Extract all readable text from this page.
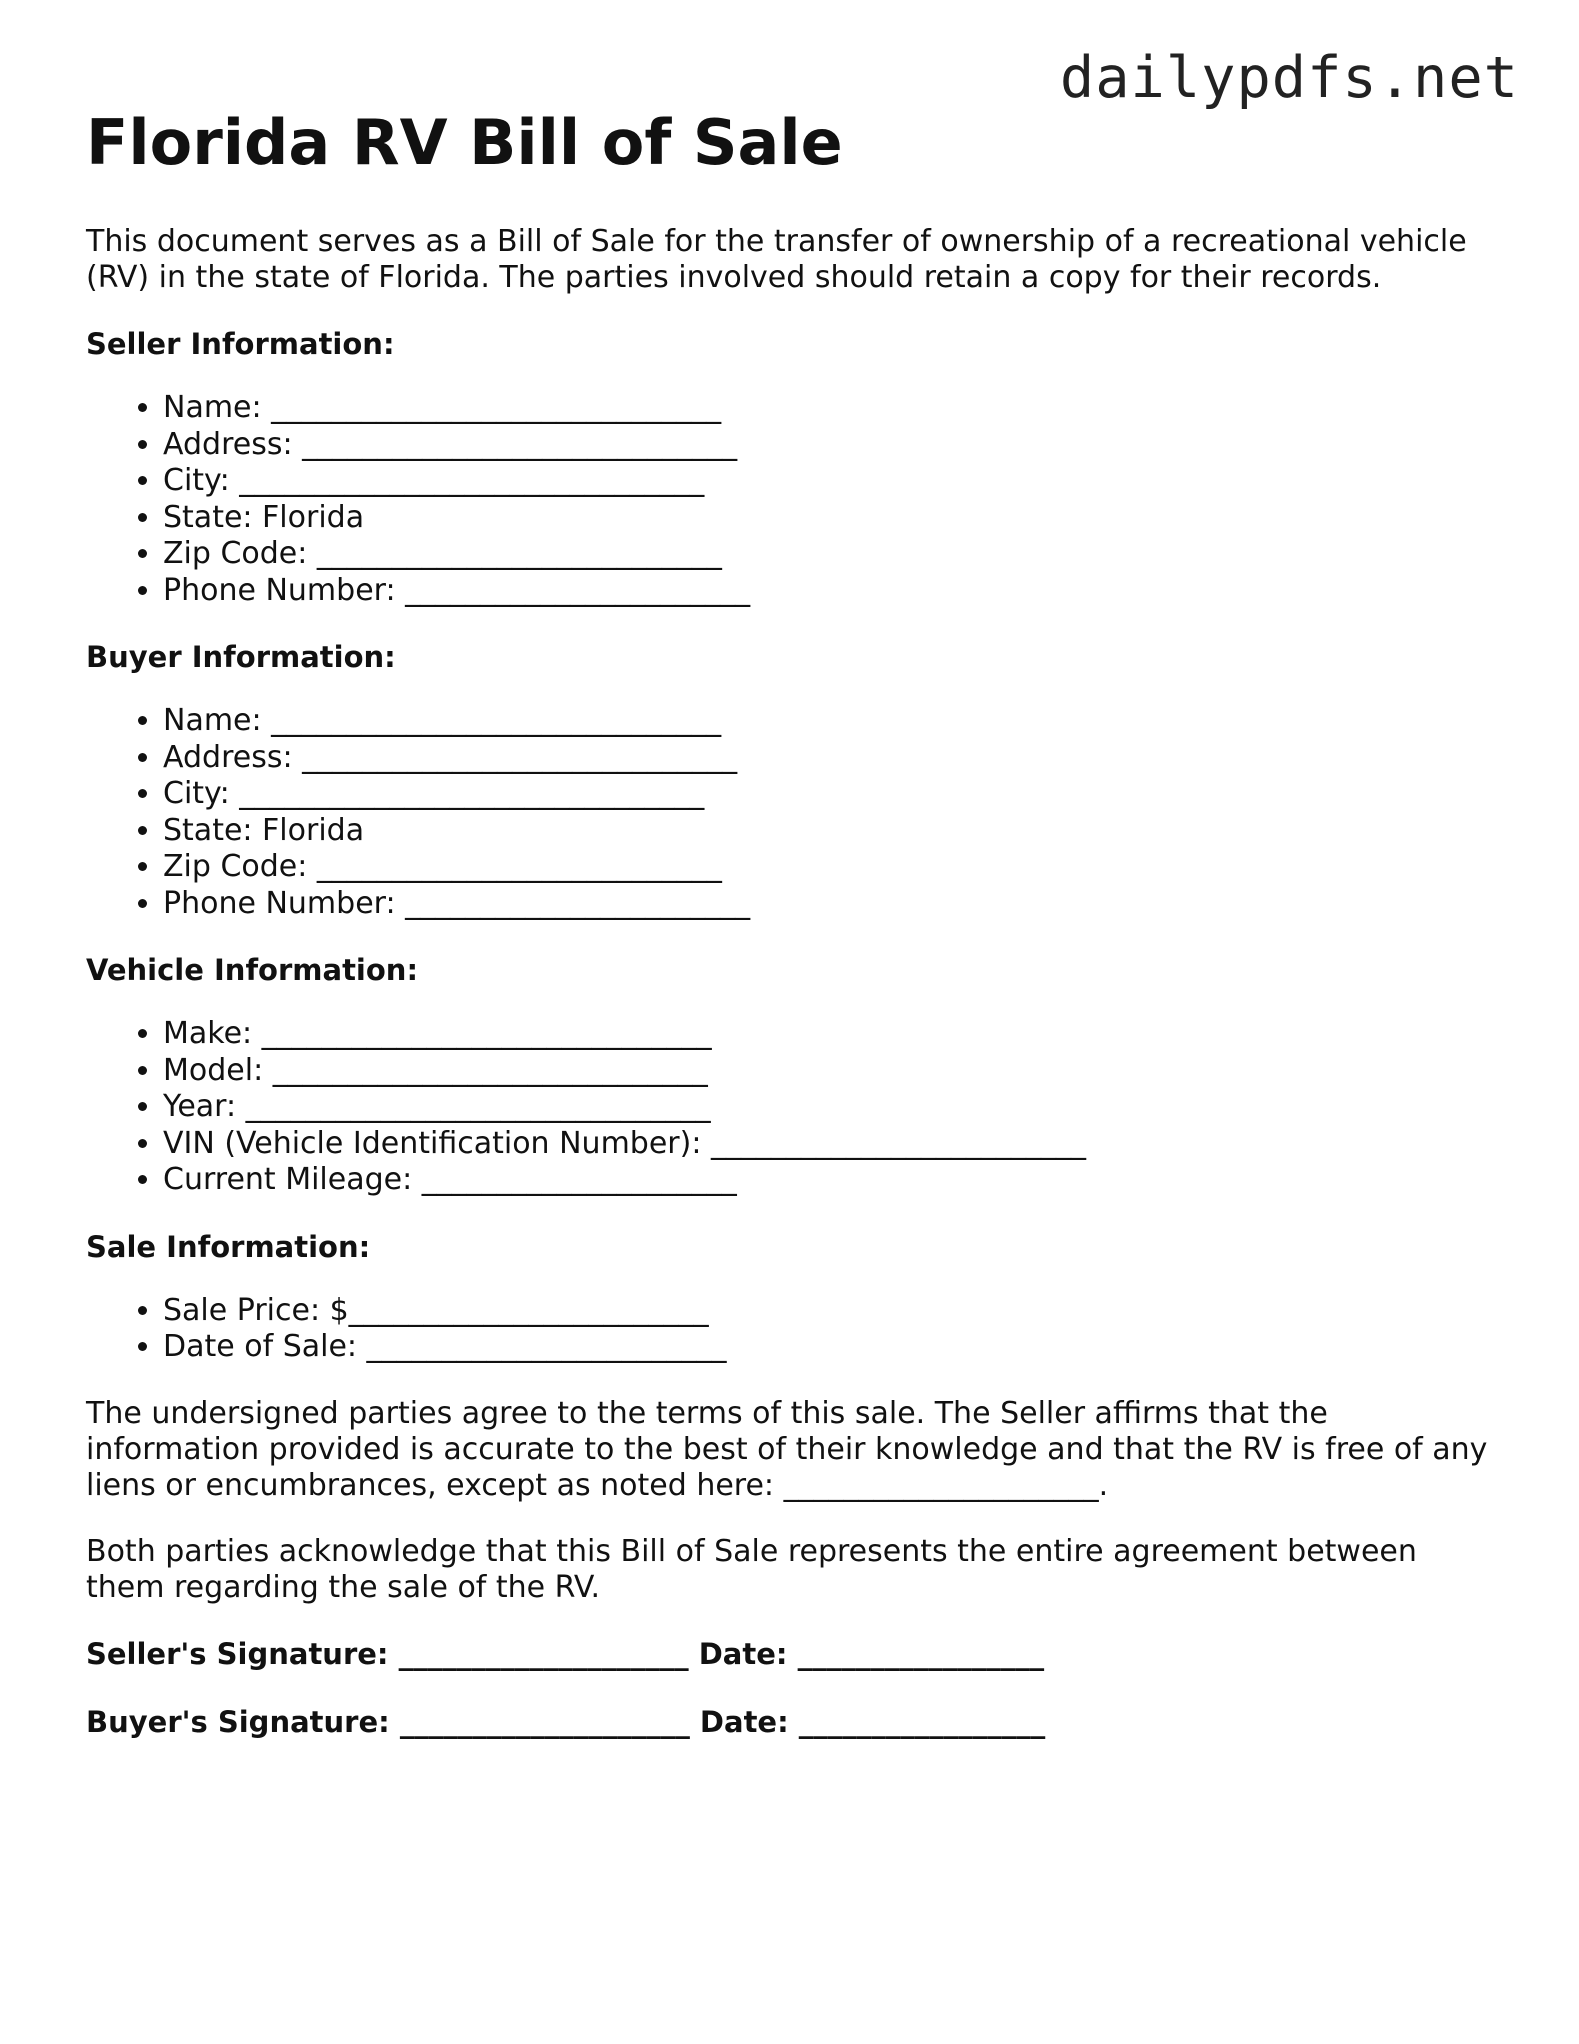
dailypdfs.net

Florida RV Bill of Sale

This document serves as a Bill of Sale for the transfer of ownership of a recreational vehicle (RV) in the state of Florida. The parties involved should retain a copy for their records.

Seller Information:
• Name: ______________________________
• Address: _____________________________
• City: _______________________________
• State: Florida
• Zip Code: ___________________________
• Phone Number: _______________________
Buyer Information:
• Name: ______________________________
• Address: _____________________________
• City: _______________________________
• State: Florida
• Zip Code: ___________________________
• Phone Number: _______________________
Vehicle Information:
• Make: ______________________________
• Model: _____________________________
• Year: _______________________________
• VIN (Vehicle Identification Number): _________________________
• Current Mileage: _____________________
Sale Information:
• Sale Price: $________________________
• Date of Sale: ________________________

The undersigned parties agree to the terms of this sale. The Seller affirms that the information provided is accurate to the best of their knowledge and that the RV is free of any liens or encumbrances, except as noted here: _____________________.

Both parties acknowledge that this Bill of Sale represents the entire agreement between them regarding the sale of the RV.

Seller's Signature: ____________________ Date: _________________

Buyer's Signature: ____________________ Date: _________________
